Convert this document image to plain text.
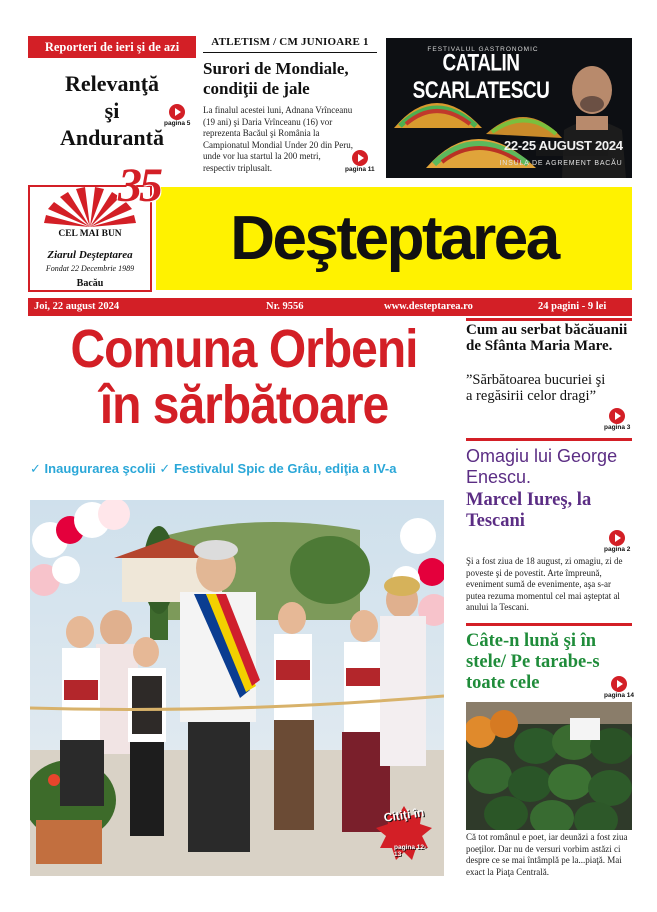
Reporteri de ieri şi de azi
Relevanţă
şi
Andurantă
pagina 5
ATLETISM / CM JUNIOARE 1
Surori de Mondiale, condiţii de jale
La finalul acestei luni, Adnana Vrînceanu (19 ani) şi Daria Vrînceanu (16) vor reprezenta Bacăul şi România la Campionatul Mondial Under 20 din Peru, unde vor lua startul la 200 metri, respectiv triplusalt.	pagina 11
FESTIVALUL GASTRONOMIC
CATALIN SCARLATESCU
22-25 AUGUST 2024
INSULA DE AGREMENT BACĂU
CEL MAI BUN
Ziarul Deşteptarea
Fondat 22 Decembrie 1989
Bacău
Deşteptarea
35 de ani
Joi, 22 august 2024	Nr. 9556	www.desteptarea.ro	24 pagini - 9 lei
Comuna Orbeni
în sărbătoare
✓ Inaugurarea şcolii ✓ Festivalul Spic de Grâu, ediţia a IV-a
Citiţi în
pagina 12-13
Cum au serbat băcăuanii de Sfânta Maria Mare.
”Sărbătoarea bucuriei şi a regăsirii celor dragi”
pagina 3
Omagiu lui George Enescu.
Marcel Iureş, la Tescani
pagina 2
Şi a fost ziua de 18 august, zi omagiu, zi de poveste şi de povestit. Arte împreună, eveniment sumă de evenimente, aşa s-ar putea rezuma momentul cel mai aşteptat al anului la Tescani.
Câte-n lună şi în stele/ Pe tarabe-s toate cele
pagina 14
Că tot românul e poet, iar deunăzi a fost ziua poeţilor. Dar nu de versuri vorbim astăzi ci despre ce se mai întâmplă pe la...piaţă. Mai exact la Piaţa Centrală.
